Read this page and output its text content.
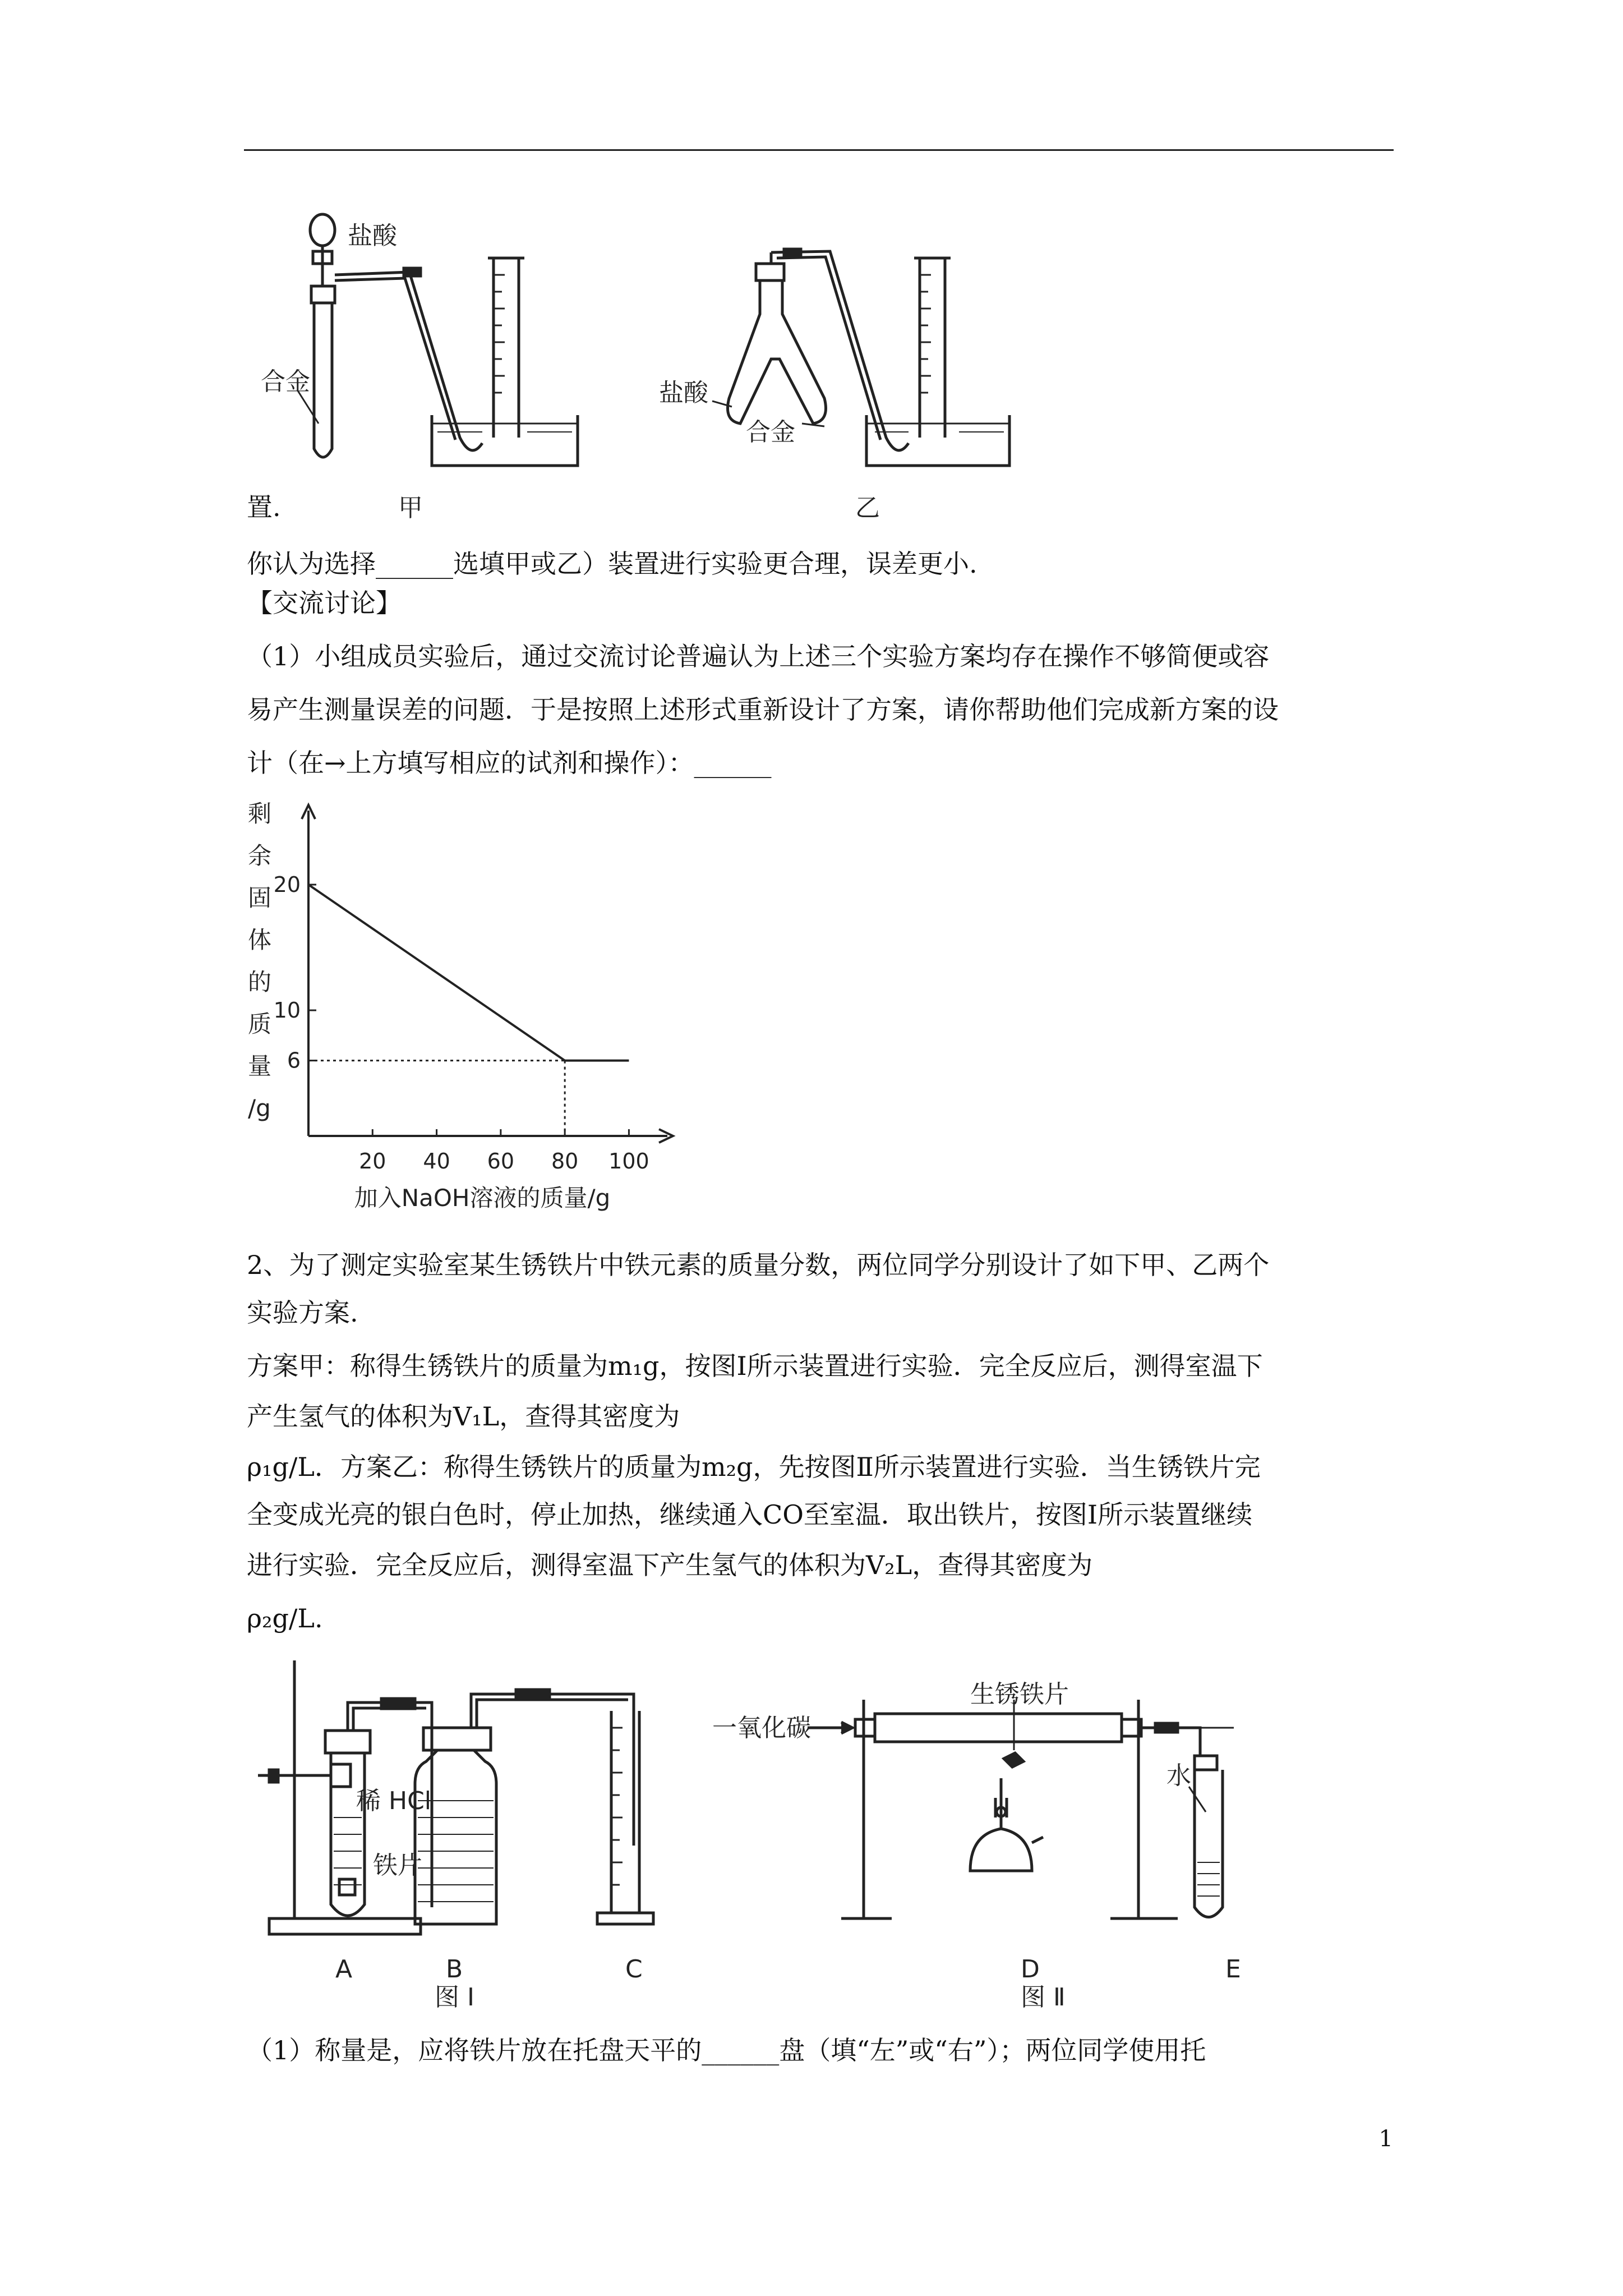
盐酸
合金
甲
盐酸
合金
乙
置.
你认为选择______选填甲或乙）装置进行实验更合理，误差更小.
【交流讨论】
（1）小组成员实验后，通过交流讨论普遍认为上述三个实验方案均存在操作不够简便或容
易产生测量误差的问题．于是按照上述形式重新设计了方案，请你帮助他们完成新方案的设
计（在→上方填写相应的试剂和操作）：______
20 40 60 80 100
6
10
20
剩
余
固
体
的
质
量
/g
加入NaOH溶液的质量/g
2、为了测定实验室某生锈铁片中铁元素的质量分数，两位同学分别设计了如下甲、乙两个
实验方案.
方案甲：称得生锈铁片的质量为m₁g，按图Ⅰ所示装置进行实验．完全反应后，测得室温下
产生氢气的体积为V₁L，查得其密度为
ρ₁g/L．方案乙：称得生锈铁片的质量为m₂g，先按图Ⅱ所示装置进行实验．当生锈铁片完
全变成光亮的银白色时，停止加热，继续通入CO至室温．取出铁片，按图Ⅰ所示装置继续
进行实验．完全反应后，测得室温下产生氢气的体积为V₂L，查得其密度为
ρ₂g/L.
稀 HCl
铁片
A	B	C
图 Ⅰ
生锈铁片
一氧化碳
水
D	E
图 Ⅱ
（1）称量是，应将铁片放在托盘天平的______盘（填“左”或“右”）；两位同学使用托
1
